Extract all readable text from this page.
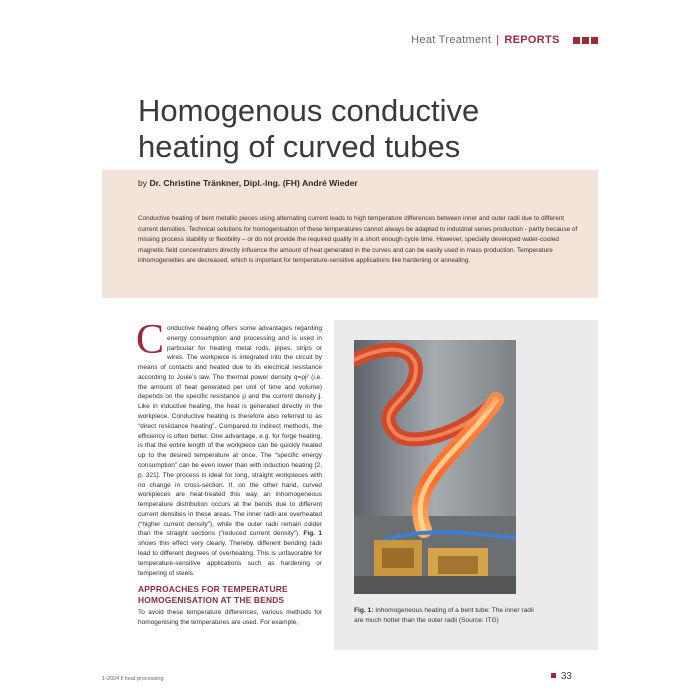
Heat Treatment | REPORTS
Homogenous conductive
heating of curved tubes
by Dr. Christine Tränkner, Dipl.-Ing. (FH) André Wieder

Conductive heating of bent metallic pieces using alternating current leads to high temperature differences between inner and outer radii due to different current densities. Technical solutions for homogenisation of these temperatures cannot always be adapted to industrial series production - partly because of missing process stability or flexibility – or do not provide the required quality in a short enough cycle time. However, specially developed water-cooled magnetic field concentrators directly influence the amount of heat generated in the curves and can be easily used in mass production. Temperature inhomogeneities are decreased, which is important for temperature-sensitive applications like hardening or annealing.

C onductive heating offers some advantages regarding energy consumption and processing and is used in particular for heating metal rods, pipes, strips or wires. The workpiece is integrated into the circuit by means of contacts and heated due to its electrical resistance according to Joule’s law. The thermal power density q=ρj² (i.e. the amount of heat generated per unit of time and volume) depends on the specific resistance ρ and the current density j. Like in inductive heating, the heat is generated directly in the workpiece. Conductive heating is therefore also referred to as “direct resistance heating”. Compared to indirect methods, the efficiency is often better. One advantage, e.g. for forge heating, is that the entire length of the workpiece can be quickly heated up to the desired temperature at once. The “specific energy consumption” can be even lower than with induction heating [2, p. 321]. The process is ideal for long, straight workpieces with no change in cross-section. If, on the other hand, curved workpieces are heat-treated this way, an inhomogeneous temperature distribution occurs at the bends due to different current densities in these areas. The inner radii are overheated (“higher current density”), while the outer radii remain colder than the straight sections (“reduced current density”). Fig. 1 shows this effect very clearly. Thereby, different bending radii lead to different degrees of overheating. This is unfavorable for temperature-sensitive applications such as hardening or tempering of steels.

APPROACHES FOR TEMPERATURE HOMOGENISATION AT THE BENDS

To avoid these temperature differences, various methods for homogenising the temperatures are used. For example,

Fig. 1: Inhomogeneous heating of a bent tube: The inner radii are much hotter than the outer radii (Source: ITG)
1-2024 I heat processing	33
